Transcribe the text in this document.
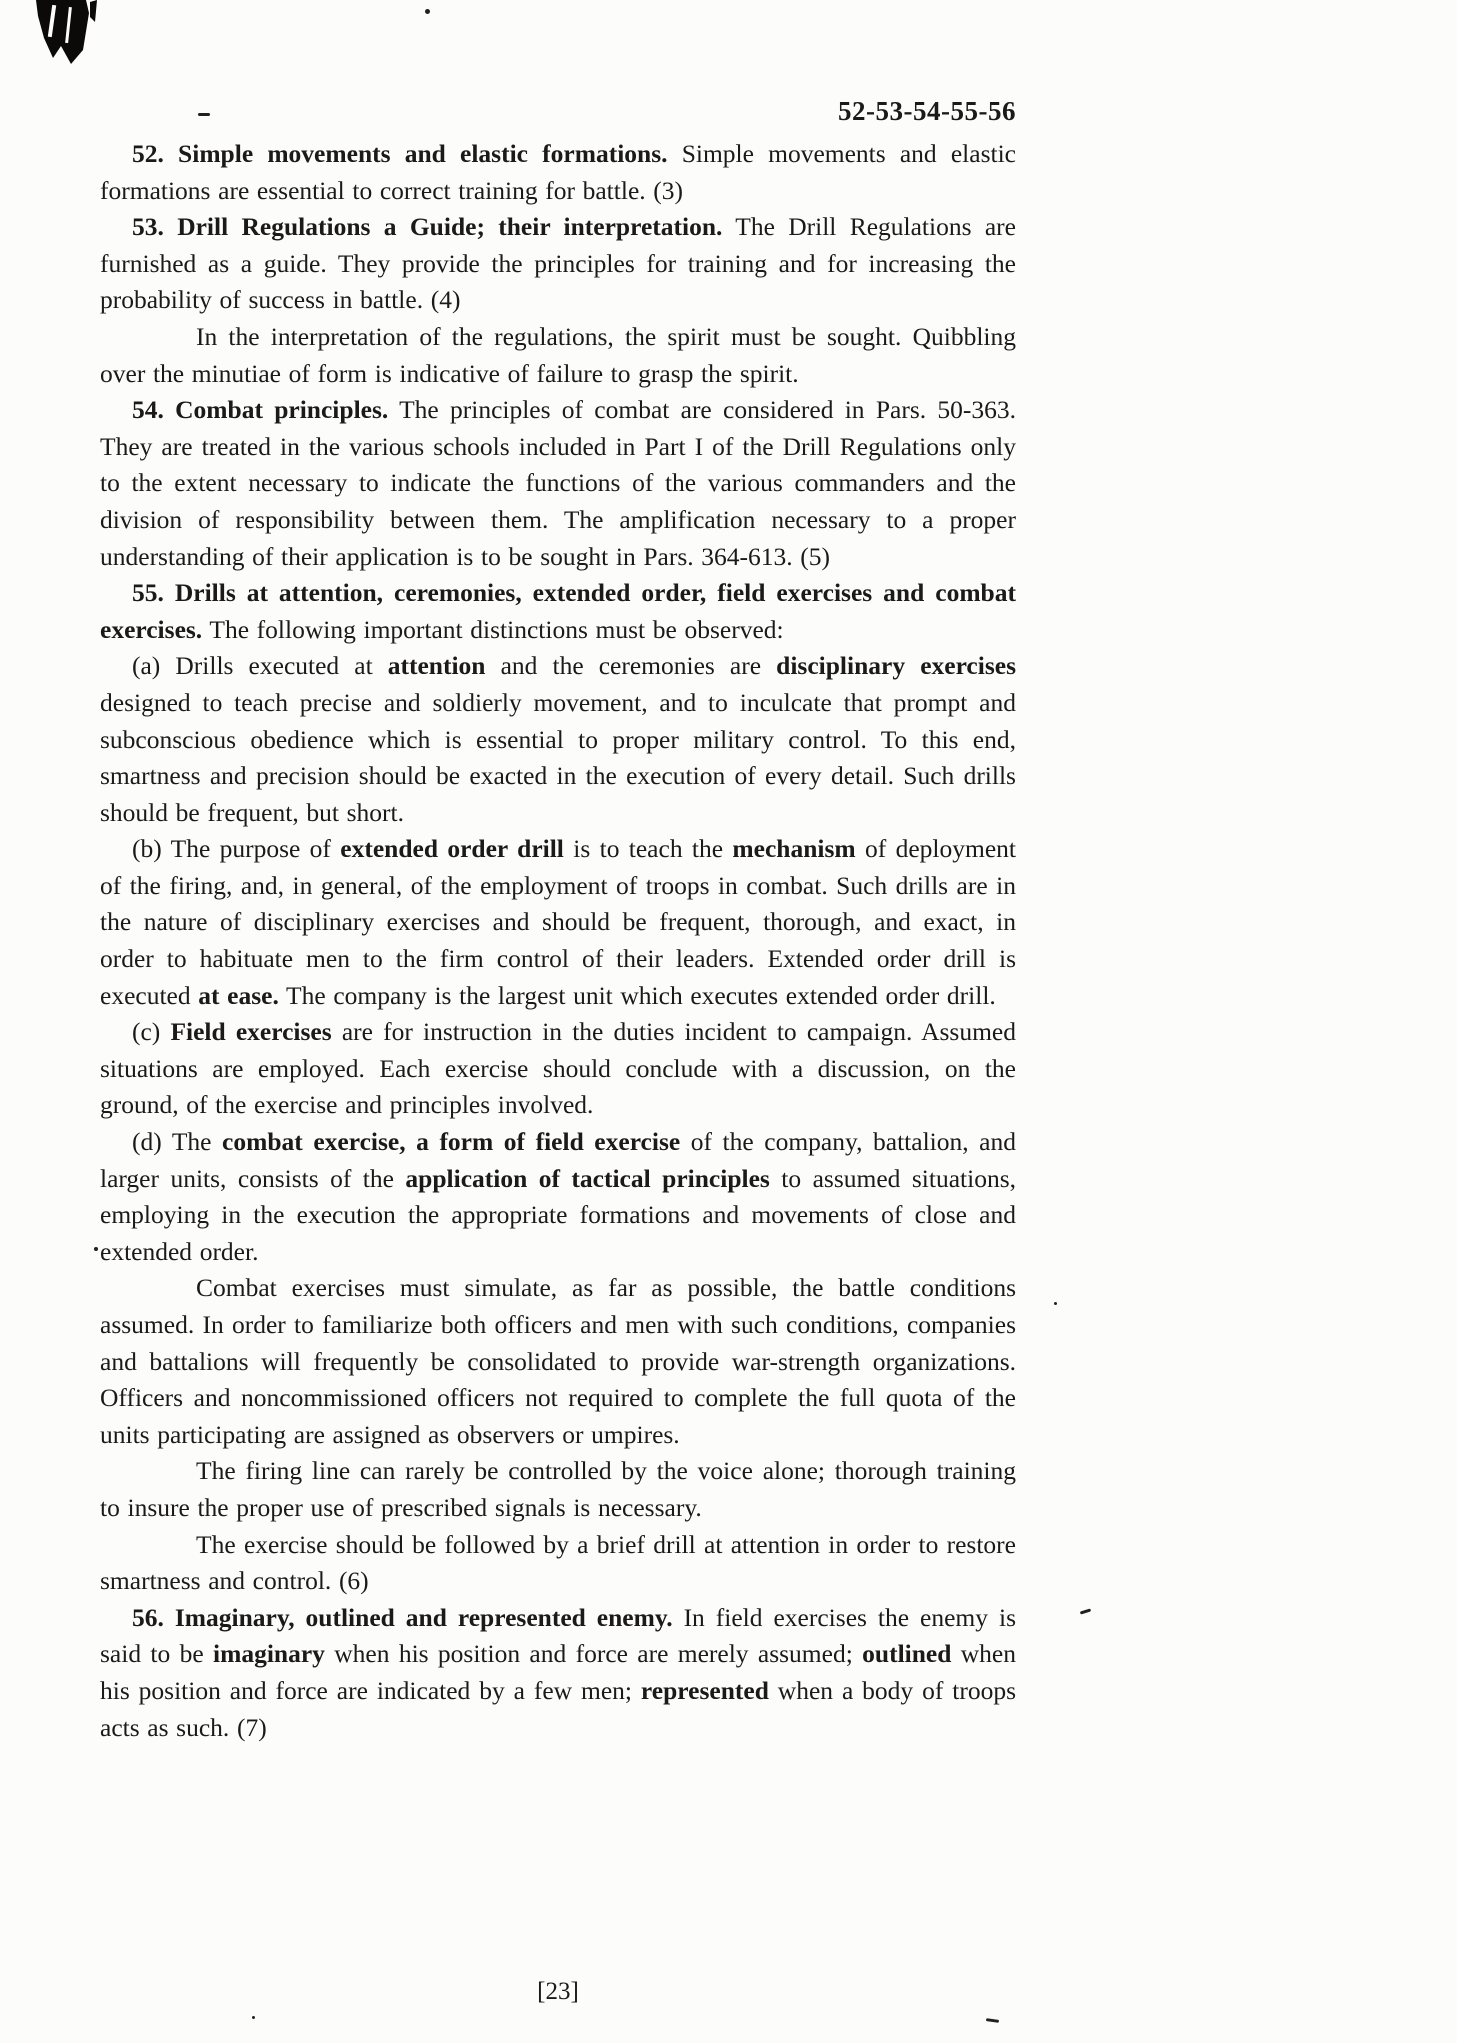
52-53-54-55-56

52. Simple movements and elastic formations. Simple movements and elastic formations are essential to correct training for battle. (3)

53. Drill Regulations a Guide; their interpretation. The Drill Regulations are furnished as a guide. They provide the principles for training and for increasing the probability of success in battle. (4)

In the interpretation of the regulations, the spirit must be sought. Quibbling over the minutiae of form is indicative of failure to grasp the spirit.

54. Combat principles. The principles of combat are considered in Pars. 50-363. They are treated in the various schools included in Part I of the Drill Regulations only to the extent necessary to indicate the functions of the various commanders and the division of responsibility between them. The amplification necessary to a proper understanding of their application is to be sought in Pars. 364-613. (5)

55. Drills at attention, ceremonies, extended order, field exercises and combat exercises. The following important distinctions must be observed:

(a) Drills executed at attention and the ceremonies are disciplinary exercises designed to teach precise and soldierly movement, and to inculcate that prompt and subconscious obedience which is essential to proper military control. To this end, smartness and precision should be exacted in the execution of every detail. Such drills should be frequent, but short.

(b) The purpose of extended order drill is to teach the mechanism of deployment of the firing, and, in general, of the employment of troops in combat. Such drills are in the nature of disciplinary exercises and should be frequent, thorough, and exact, in order to habituate men to the firm control of their leaders. Extended order drill is executed at ease. The company is the largest unit which executes extended order drill.

(c) Field exercises are for instruction in the duties incident to campaign. Assumed situations are employed. Each exercise should conclude with a discussion, on the ground, of the exercise and principles involved.

(d) The combat exercise, a form of field exercise of the company, battalion, and larger units, consists of the application of tactical principles to assumed situations, employing in the execution the appropriate formations and movements of close and extended order.

Combat exercises must simulate, as far as possible, the battle conditions assumed. In order to familiarize both officers and men with such conditions, companies and battalions will frequently be consolidated to provide war-strength organizations. Officers and noncommissioned officers not required to complete the full quota of the units participating are assigned as observers or umpires.

The firing line can rarely be controlled by the voice alone; thorough training to insure the proper use of prescribed signals is necessary.

The exercise should be followed by a brief drill at attention in order to restore smartness and control. (6)

56. Imaginary, outlined and represented enemy. In field exercises the enemy is said to be imaginary when his position and force are merely assumed; outlined when his position and force are indicated by a few men; represented when a body of troops acts as such. (7)

[23]
